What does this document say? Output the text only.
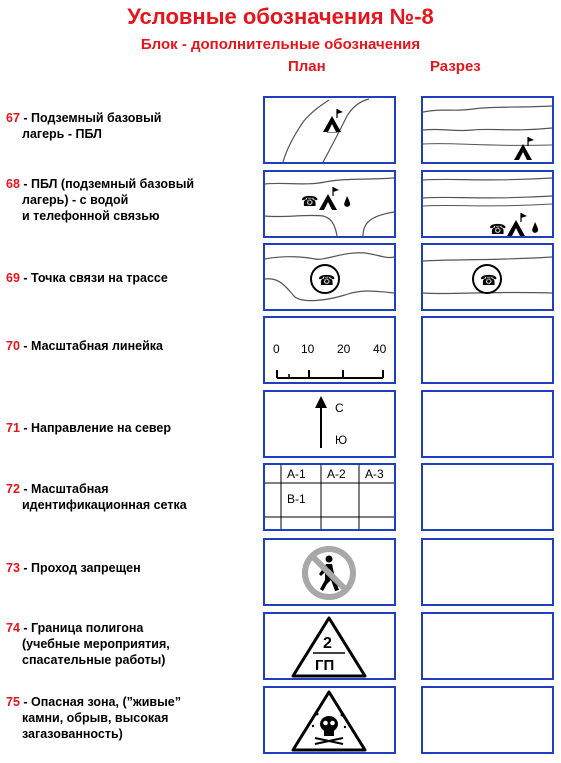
Условные обозначения №-8
Блок - дополнительные обозначения
План	Разрез
67 - Подземный базовый
лагерь - ПБЛ
68 - ПБЛ (подземный базовый
лагерь) - с водой
и телефонной связью
☎
☎
69 - Точка связи на трассе	☎	☎
70 - Масштабная линейка	0 10 20 40
71 - Направление на север
С
Ю
72 - Масштабная
идентификационная сетка
А-1 А-2 А-3
В-1
73 - Проход запрещен
74 - Граница полигона
(учебные мероприятия,
спасательные работы)
2
ГП
75 - Опасная зона, (”живые”
камни, обрыв, высокая
загазованность)
